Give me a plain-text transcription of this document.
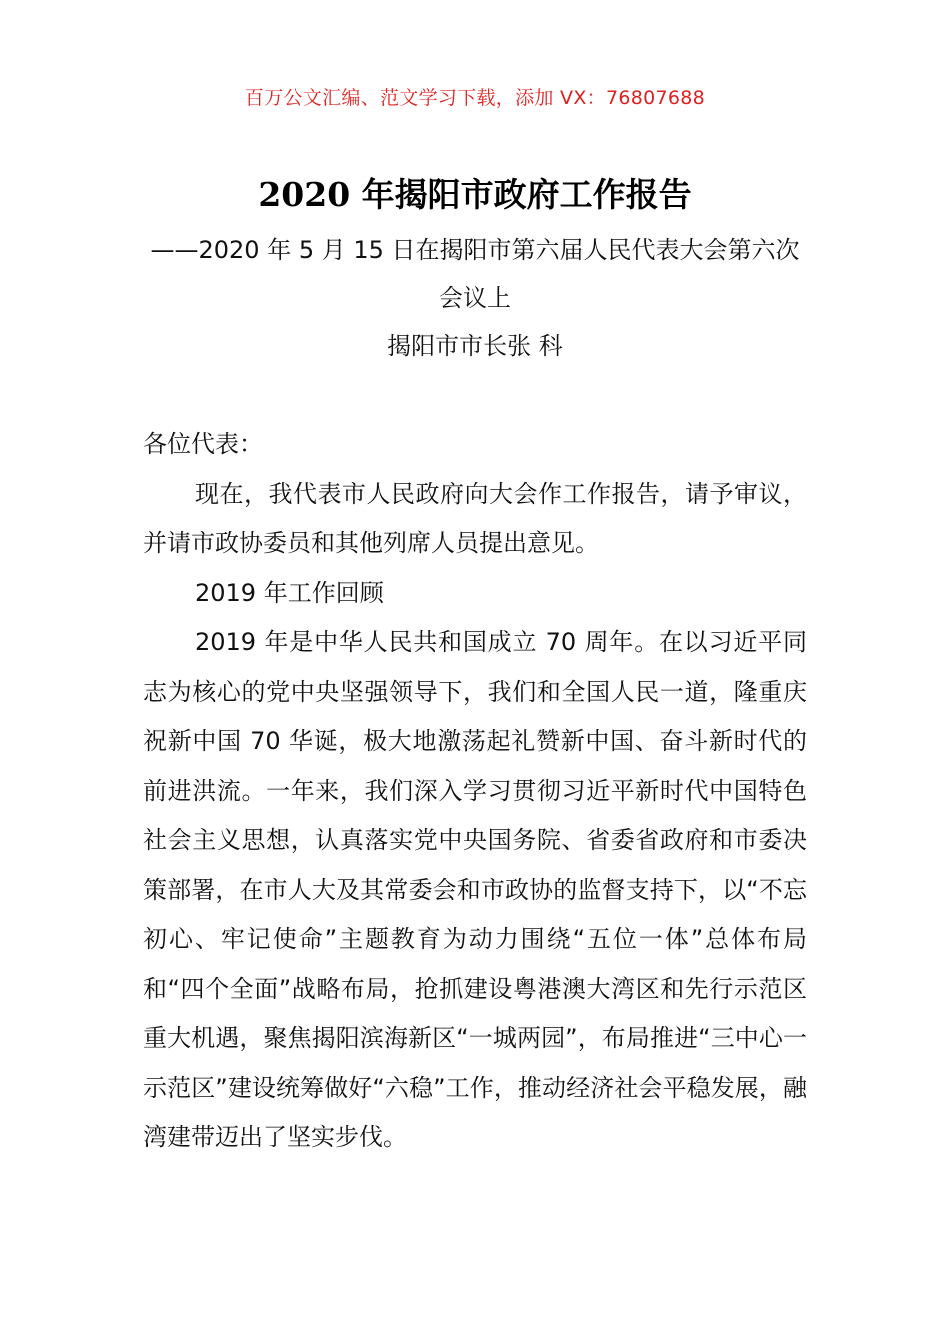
百万公文汇编、范文学习下载，添加 VX：76807688
2020 年揭阳市政府工作报告
——2020 年 5 月 15 日在揭阳市第六届人民代表大会第六次会议上
揭阳市市长张 科

各位代表：

现在，我代表市人民政府向大会作工作报告，请予审议，并请市政协委员和其他列席人员提出意见。

2019 年工作回顾

2019 年是中华人民共和国成立 70 周年。在以习近平同志为核心的党中央坚强领导下，我们和全国人民一道，隆重庆祝新中国 70 华诞，极大地激荡起礼赞新中国、奋斗新时代的前进洪流。一年来，我们深入学习贯彻习近平新时代中国特色社会主义思想，认真落实党中央国务院、省委省政府和市委决策部署，在市人大及其常委会和市政协的监督支持下，以“不忘初心、牢记使命”主题教育为动力围绕“五位一体”总体布局和“四个全面”战略布局，抢抓建设粤港澳大湾区和先行示范区重大机遇，聚焦揭阳滨海新区“一城两园”，布局推进“三中心一示范区”建设统筹做好“六稳”工作，推动经济社会平稳发展，融湾建带迈出了坚实步伐。
